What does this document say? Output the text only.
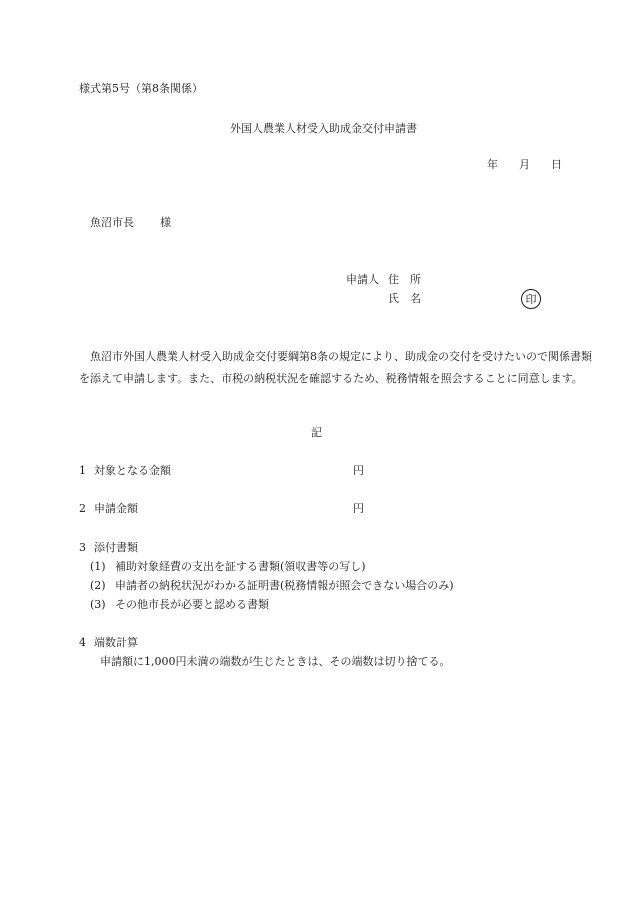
様式第5号（第8条関係）
外国人農業人材受入助成金交付申請書
年 月 日
魚沼市長 様
申請人 住　所
氏　名	印
魚沼市外国人農業人材受入助成金交付要綱第8条の規定により、助成金の交付を受けたいので関係書類
を添えて申請します。また、市税の納税状況を確認するため、税務情報を照会することに同意します。
記
1 対象となる金額	円
2 申請金額	円
3 添付書類
(1) 補助対象経費の支出を証する書類(領収書等の写し)
(2) 申請者の納税状況がわかる証明書(税務情報が照会できない場合のみ)
(3) その他市長が必要と認める書類
4 端数計算
申請額に1,000円未満の端数が生じたときは、その端数は切り捨てる。
